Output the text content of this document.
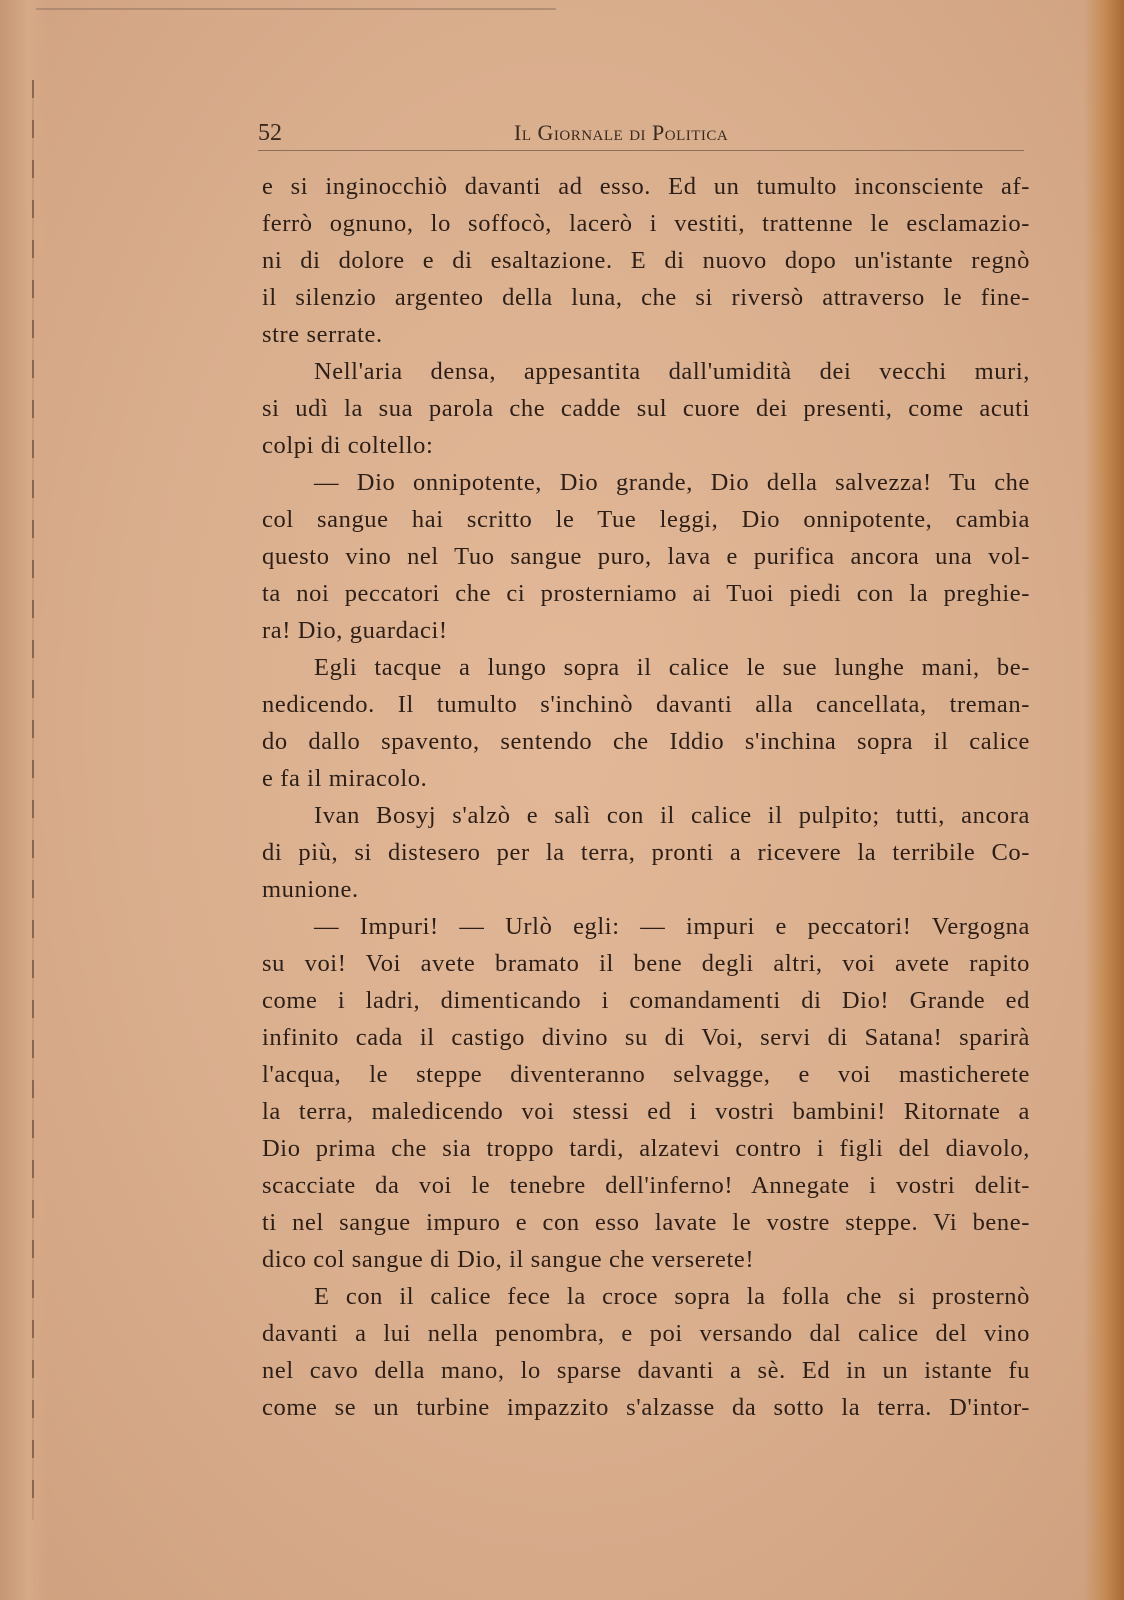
52	Il Giornale di Politica
e si inginocchiò davanti ad esso. Ed un tumulto inconsciente af-
ferrò ognuno, lo soffocò, lacerò i vestiti, trattenne le esclamazio-
ni di dolore e di esaltazione. E di nuovo dopo un'istante regnò
il silenzio argenteo della luna, che si riversò attraverso le fine-
stre serrate.
Nell'aria densa, appesantita dall'umidità dei vecchi muri,
si udì la sua parola che cadde sul cuore dei presenti, come acuti
colpi di coltello:
— Dio onnipotente, Dio grande, Dio della salvezza! Tu che
col sangue hai scritto le Tue leggi, Dio onnipotente, cambia
questo vino nel Tuo sangue puro, lava e purifica ancora una vol-
ta noi peccatori che ci prosterniamo ai Tuoi piedi con la preghie-
ra! Dio, guardaci!
Egli tacque a lungo sopra il calice le sue lunghe mani, be-
nedicendo. Il tumulto s'inchinò davanti alla cancellata, treman-
do dallo spavento, sentendo che Iddio s'inchina sopra il calice
e fa il miracolo.
Ivan Bosyj s'alzò e salì con il calice il pulpito; tutti, ancora
di più, si distesero per la terra, pronti a ricevere la terribile Co-
munione.
— Impuri! — Urlò egli: — impuri e peccatori! Vergogna
su voi! Voi avete bramato il bene degli altri, voi avete rapito
come i ladri, dimenticando i comandamenti di Dio! Grande ed
infinito cada il castigo divino su di Voi, servi di Satana! sparirà
l'acqua, le steppe diventeranno selvagge, e voi masticherete
la terra, maledicendo voi stessi ed i vostri bambini! Ritornate a
Dio prima che sia troppo tardi, alzatevi contro i figli del diavolo,
scacciate da voi le tenebre dell'inferno! Annegate i vostri delit-
ti nel sangue impuro e con esso lavate le vostre steppe. Vi bene-
dico col sangue di Dio, il sangue che verserete!
E con il calice fece la croce sopra la folla che si prosternò
davanti a lui nella penombra, e poi versando dal calice del vino
nel cavo della mano, lo sparse davanti a sè. Ed in un istante fu
come se un turbine impazzito s'alzasse da sotto la terra. D'intor-
